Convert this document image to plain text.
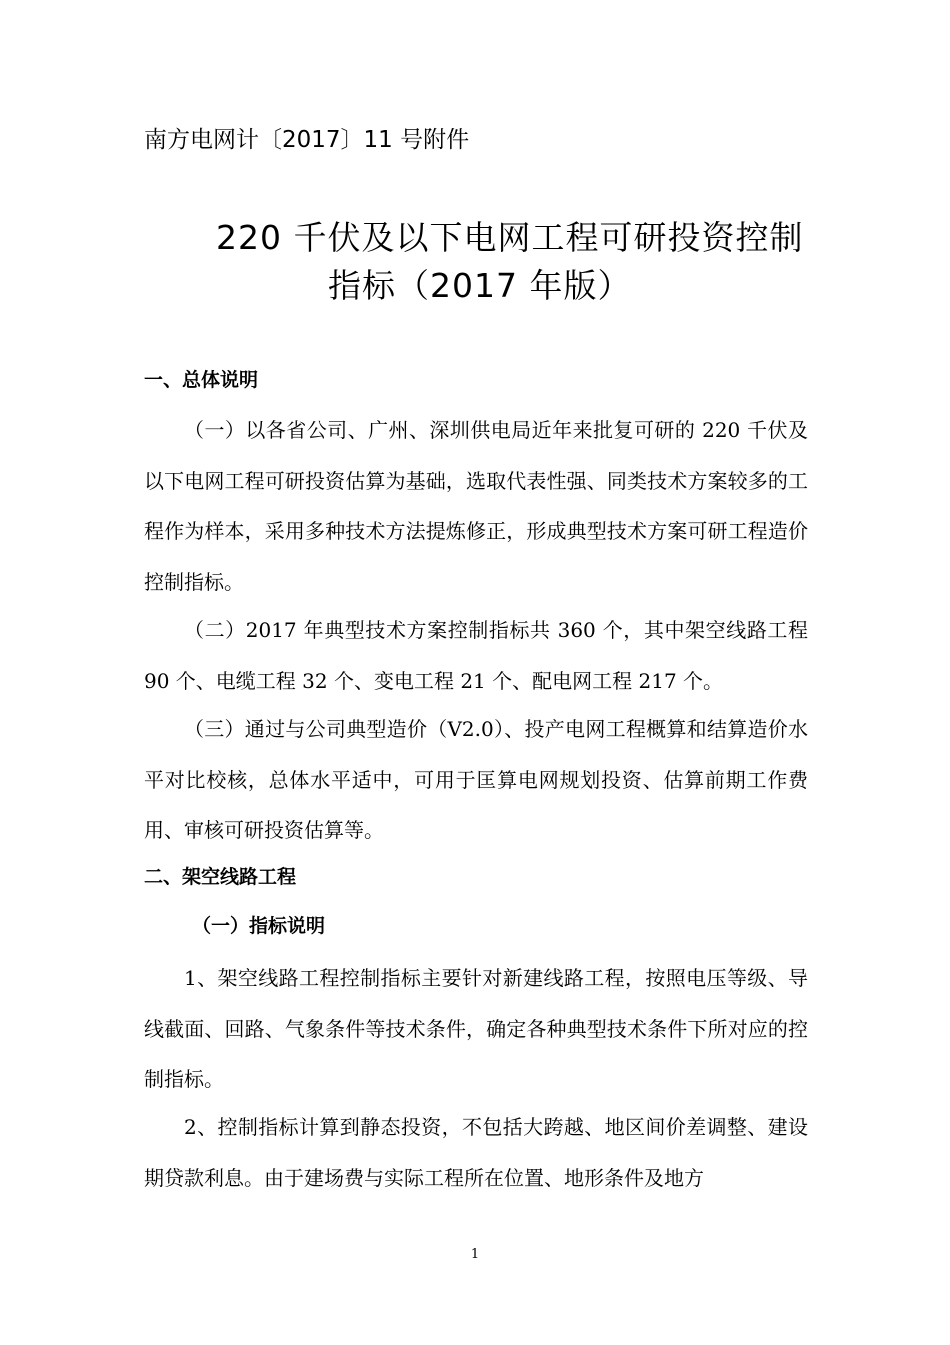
南方电网计〔2017〕11 号附件
220 千伏及以下电网工程可研投资控制
指标（2017 年版）
一、总体说明

（一）以各省公司、广州、深圳供电局近年来批复可研的 220 千伏及以下电网工程可研投资估算为基础，选取代表性强、同类技术方案较多的工程作为样本，采用多种技术方法提炼修正，形成典型技术方案可研工程造价控制指标。

（二）2017 年典型技术方案控制指标共 360 个，其中架空线路工程 90 个、电缆工程 32 个、变电工程 21 个、配电网工程 217 个。

（三）通过与公司典型造价（V2.0）、投产电网工程概算和结算造价水平对比校核，总体水平适中，可用于匡算电网规划投资、估算前期工作费用、审核可研投资估算等。

二、架空线路工程
（一）指标说明

1、架空线路工程控制指标主要针对新建线路工程，按照电压等级、导线截面、回路、气象条件等技术条件，确定各种典型技术条件下所对应的控制指标。

2、控制指标计算到静态投资，不包括大跨越、地区间价差调整、建设期贷款利息。由于建场费与实际工程所在位置、地形条件及地方

1
